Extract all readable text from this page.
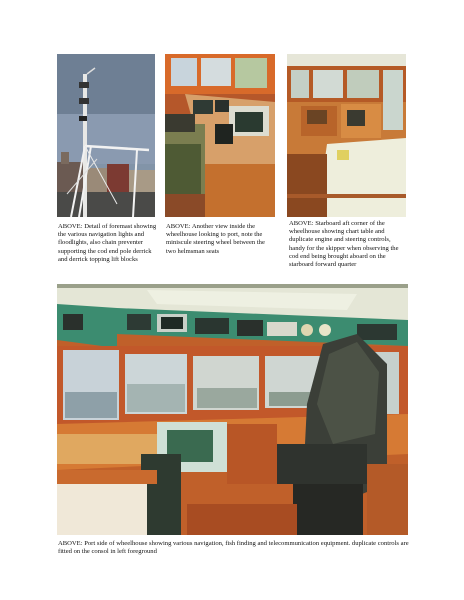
ABOVE: Detail of foremast showing the various navigation lights and floodlights, also chain preventer supporting the cod end pole derrick and derrick topping lift blocks
ABOVE: Another view inside the wheelhouse looking to port, note the miniscule steering wheel between the two helmsman seats
ABOVE: Starboard aft corner of the wheelhouse showing chart table and duplicate engine and steering controls, handy for the skipper when observing the cod end being brought aboard on the starboard forward quarter
ABOVE: Port side of wheelhouse showing various navigation, fish finding and telecommunication equipment. duplicate controls are fitted on the consol in left foreground
